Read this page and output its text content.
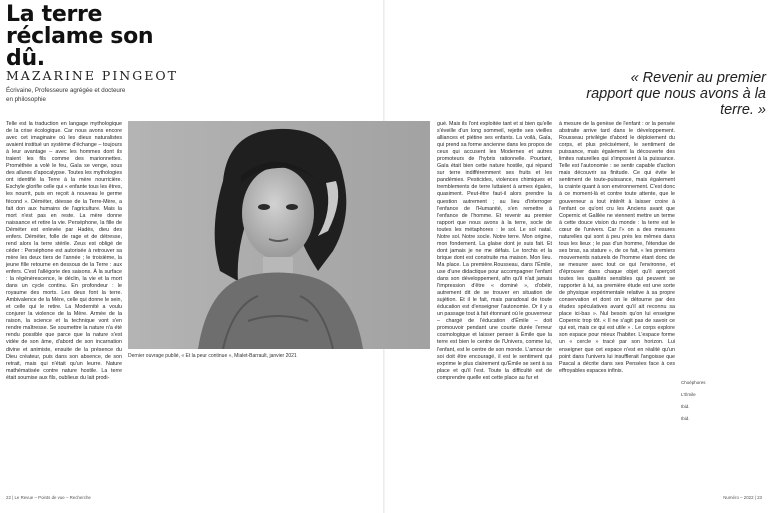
La terre réclame son dû.
MAZARINE PINGEOT
Écrivaine, Professeure agrégée et docteure en philosophie
Telle est la traduction en langage mythologique de la crise écologique. Car nous avons encore avec cet imaginaire où les dieux naturalistes avaient institué un système d'échange – toujours à leur avantage – avec les hommes dont ils traient les fils comme des marionnettes. Prométhée a volé le feu, Gaïa se venge, sous des allures d'apocalypse. Toutes les mythologies ont identifié la Terre à la mère nourricière. Eschyle glorifie celle qui « enfante tous les êtres, les nourrit, puis en reçoit à nouveau le germe fécond ». Déméter, déesse de la Terre-Mère, a fait don aux humains de l'agriculture. Mais la mort n'est pas en reste. La mère donne naissance et retire la vie. Perséphone, la fille de Déméter est enlevée par Hadès, dieu des enfers. Déméter, folle de rage et de détresse, rend alors la terre stérile. Zeus est obligé de céder : Perséphone est autorisée à retrouver sa mère les deux tiers de l'année ; le troisième, la jeune fille retourne en dessous de la Terre : aux enfers. C'est l'allégorie des saisons. À la surface : la régénérescence, le déclin, la vie et la mort dans un cycle continu. En profondeur : le royaume des morts. Les deux font la terre. Ambivalence de la Mère, celle qui donne le sein, et celle qui le retire. La Modernité a voulu conjurer la violence de la Mère. Armée de la raison, la science et la technique vont s'en rendre maîtresse. Se soumettre la nature n'a été rendu possible que parce que la nature s'est vidée de son âme, d'abord de son incarnation divine et animiste, ensuite de la présence du Dieu créateur, puis dans son absence, de son retrait, mais qui n'était qu'un leurre. Nature mathématisée contre nature hostile. La terre était soumise aux fils, oublieux du lait prodi-
Dernier ouvrage publié, « Et la peur continue », Mialet-Barrault, janvier 2021
gué. Mais ils l'ont exploitée tant et si bien qu'elle s'éveille d'un long sommeil, rejette ses vieilles alliances et piétine ses enfants. La voilà, Gaïa, qui prend sa forme ancienne dans les propos de ceux qui accusent les Modernes et autres promoteurs de l'hybris rationnelle. Pourtant, Gaïa était bien cette nature hostile, qui répand sur terre indifféremment ses fruits et les pandémies. Pesticides, violences chimiques et tremblements de terre luttaient à armes égales, quasiment. Peut-être faut-il alors prendre la question autrement ; au lieu d'interroger l'enfance de l'Humanité, s'en remettre à l'enfance de l'homme. Et revenir au premier rapport que nous avons à la terre, socle de toutes les métaphores : le sol. Le sol natal. Notre sol. Notre socle. Notre terre. Mon origine, mon fondement. La glaise dont je suis fait. Et dont jamais je ne me défais. Le torchis et la brique dont est construite ma maison. Mon lieu. Ma place. La première.Rousseau, dans l'Émile, use d'une didactique pour accompagner l'enfant dans son développement, afin qu'il n'ait jamais l'impression d'être « dominé », d'obéir, autrement dit de se trouver en situation de sujétion. Et il le fait, mais paradoxal de toute éducation est d'enseigner l'autonomie. Or il y a un passage tout à fait étonnant où le gouverneur – chargé de l'éducation d'Émile – doit promouvoir pendant une courte durée l'erreur cosmologique et laisser penser à Émile que la terre est bien le centre de l'Univers, comme lui, l'enfant, est le centre de son monde. L'amour de soi doit être encouragé, il est le sentiment qui exprime le plus clairement qu'Émile se sent à sa place et qu'il l'est. Toute la difficulté est de comprendre quelle est cette place au fur et
à mesure de la genèse de l'enfant : or la pensée abstraite arrive tard dans le développement. Rousseau privilégie d'abord le déploiement du corps, et plus précisément, le sentiment de puissance, mais également la découverte des limites naturelles qui s'imposent à la puissance. Telle est l'autonomie : se sentir capable d'action mais découvrir sa finitude. Ce qui évite le sentiment de toute-puissance, mais également la crainte quant à son environnement. C'est donc à ce moment-là et contre toute attente, que le gouverneur a tout intérêt à laisser croire à l'enfant ce qu'ont cru les Anciens avant que Copernic et Galilée ne viennent mettre un terme à cette douce vision du monde : la terre est le cœur de l'univers. Car l'« on a des mesures naturelles qui sont à peu près les mêmes dans tous les lieux ; le pas d'un homme, l'étendue de ses bras, sa stature », de ce fait, « les premiers mouvements naturels de l'homme étant donc de se mesurer avec tout ce qui l'environne, et d'éprouver dans chaque objet qu'il aperçoit toutes les qualités sensibles qui peuvent se rapporter à lui, sa première étude est une sorte de physique expérimentale relative à sa propre conservation et dont on le détourne par des études spéculatives avant qu'il ait reconnu sa place ici-bas ». Nul besoin qu'on lui enseigne Copernic trop tôt. « Il ne s'agit pas de savoir ce qui est, mais ce qui est utile » . Le corps explore son espace pour mieux l'habiter. L'espace forme un « cercle » tracé par son horizon. Lui enseigner que cet espace n'est en réalité qu'un point dans l'univers lui insufflerait l'angoisse que Pascal a décrite dans ses Pensées face à ces effroyables espaces infinis.
« Revenir au premier rapport que nous avons à la terre. »
Choéphores
L'Émile
Ibid.
Ibid.
22 | Le Revue – Points de vue – Recherche	Numéro – 2022 | 23
